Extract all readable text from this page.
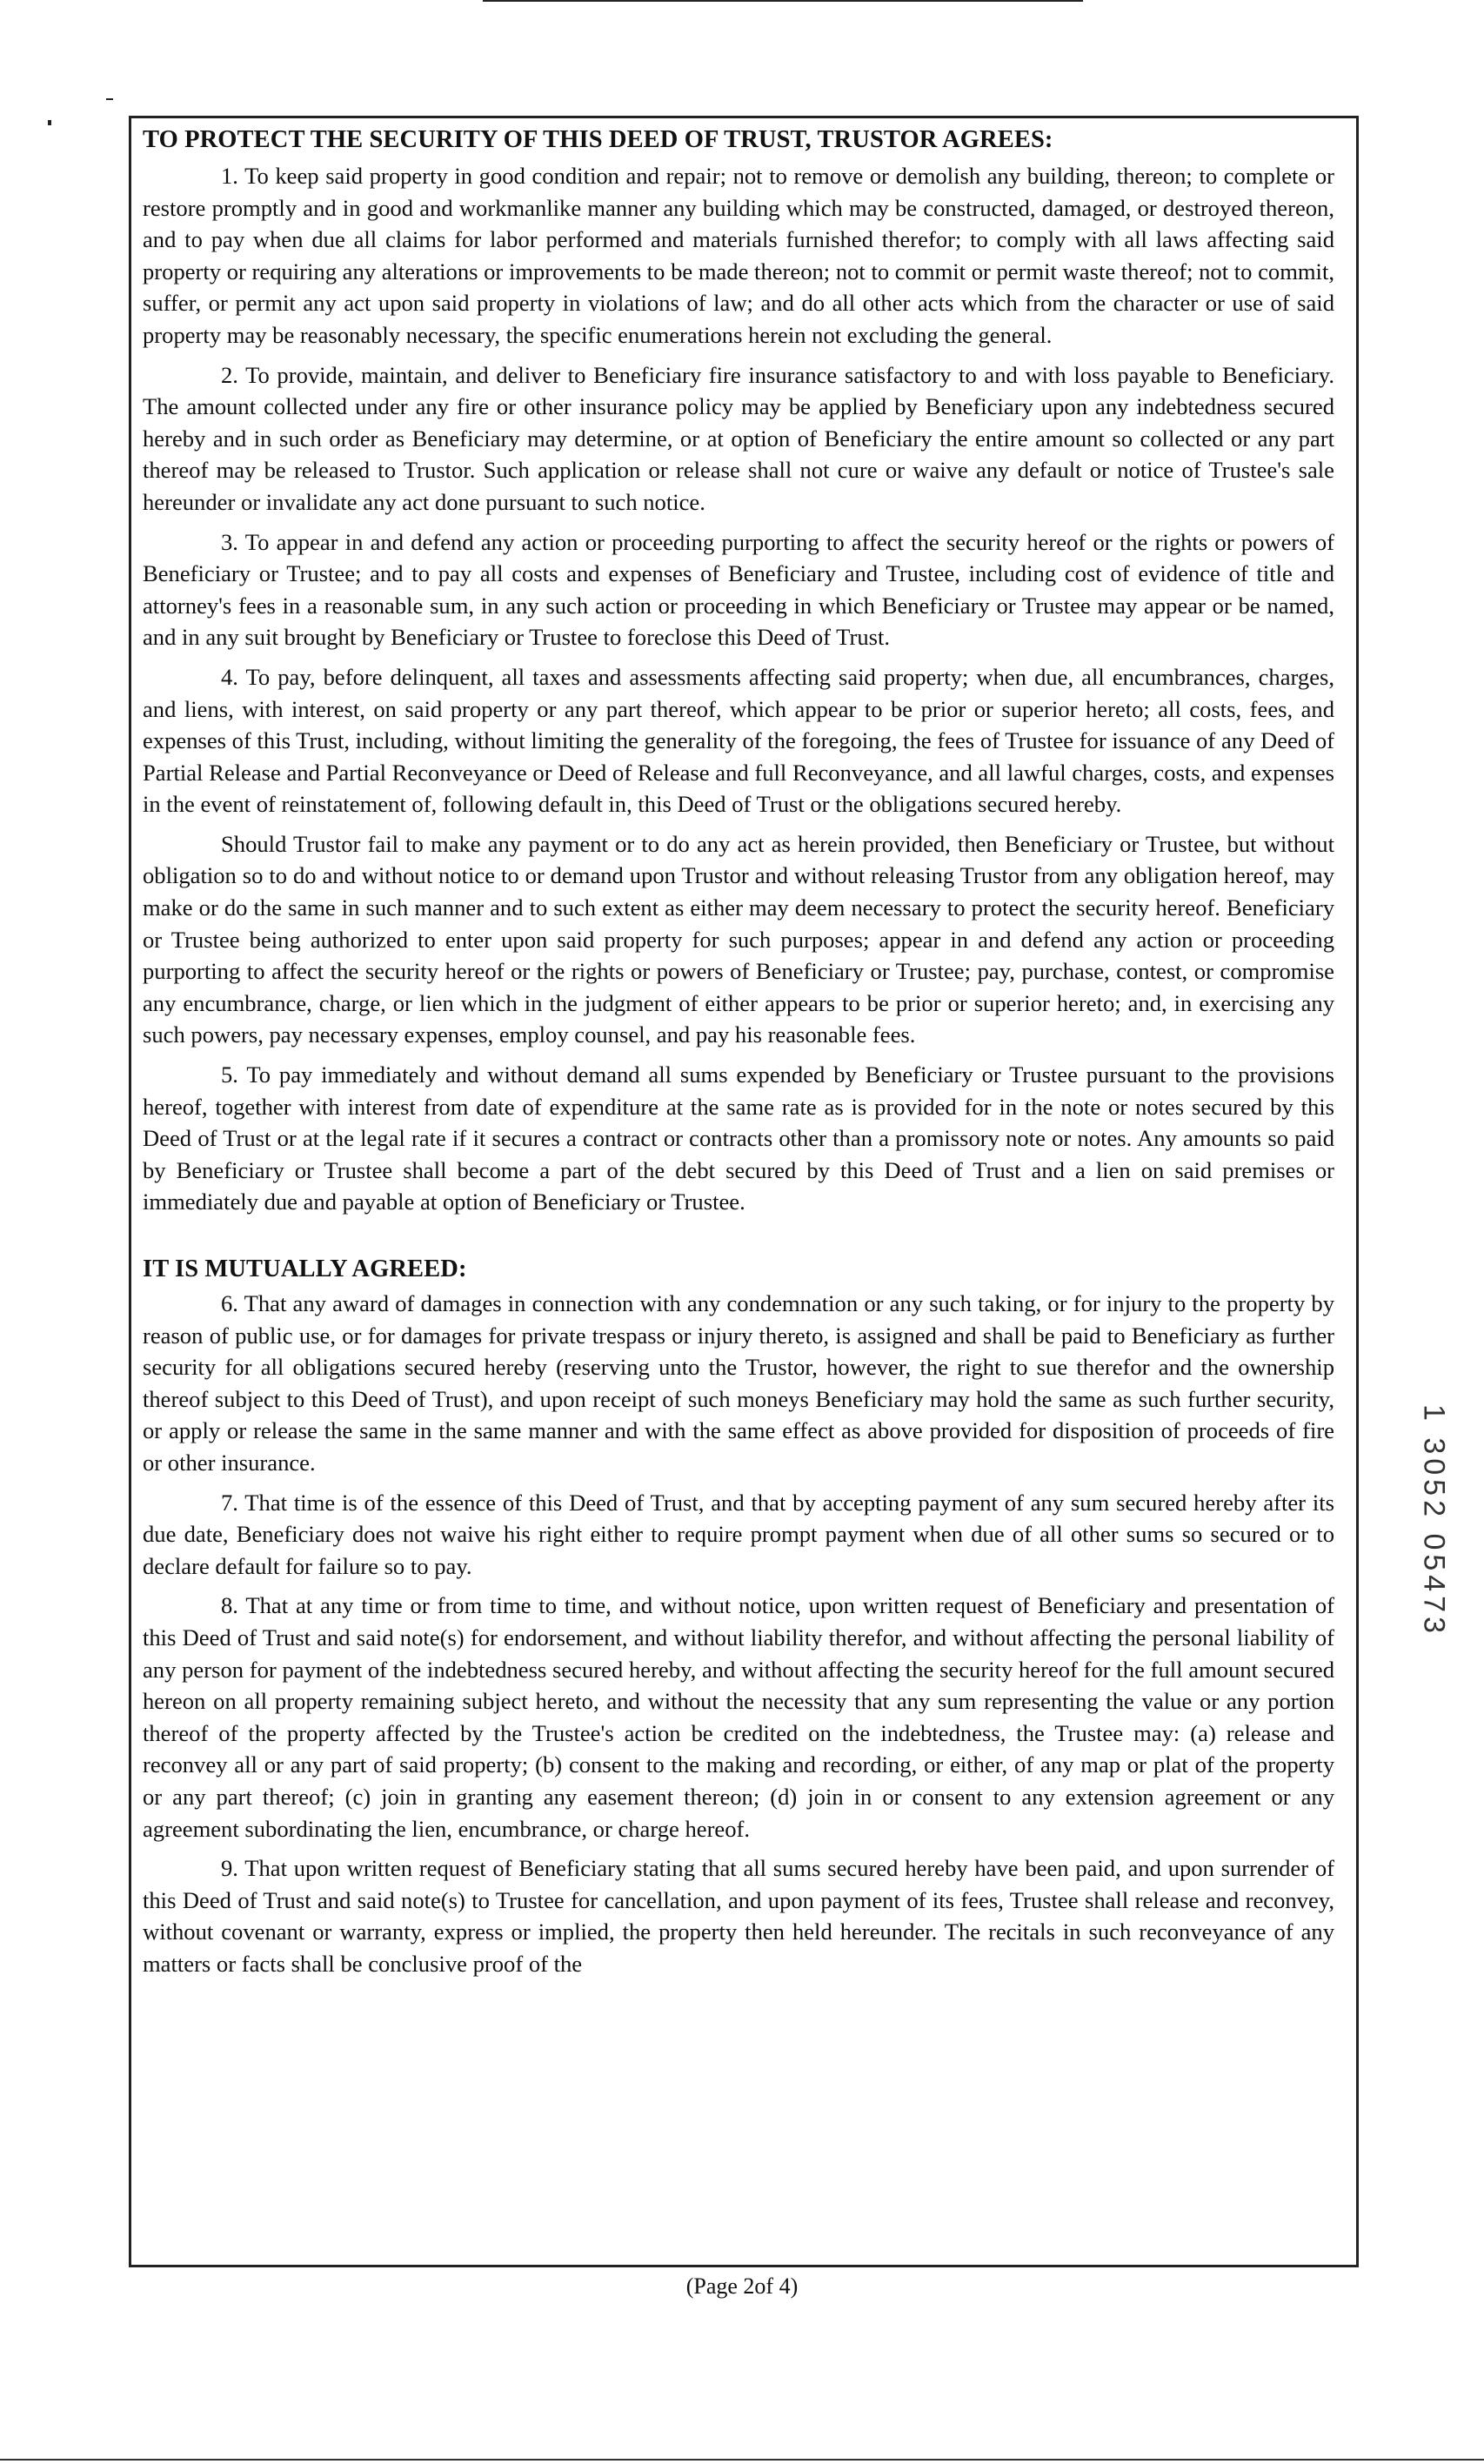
TO PROTECT THE SECURITY OF THIS DEED OF TRUST, TRUSTOR AGREES:

1. To keep said property in good condition and repair; not to remove or demolish any building, thereon; to complete or restore promptly and in good and workmanlike manner any building which may be constructed, damaged, or destroyed thereon, and to pay when due all claims for labor performed and materials furnished therefor; to comply with all laws affecting said property or requiring any alterations or improvements to be made thereon; not to commit or permit waste thereof; not to commit, suffer, or permit any act upon said property in violations of law; and do all other acts which from the character or use of said property may be reasonably necessary, the specific enumerations herein not excluding the general.

2. To provide, maintain, and deliver to Beneficiary fire insurance satisfactory to and with loss payable to Beneficiary. The amount collected under any fire or other insurance policy may be applied by Beneficiary upon any indebtedness secured hereby and in such order as Beneficiary may determine, or at option of Beneficiary the entire amount so collected or any part thereof may be released to Trustor. Such application or release shall not cure or waive any default or notice of Trustee's sale hereunder or invalidate any act done pursuant to such notice.

3. To appear in and defend any action or proceeding purporting to affect the security hereof or the rights or powers of Beneficiary or Trustee; and to pay all costs and expenses of Beneficiary and Trustee, including cost of evidence of title and attorney's fees in a reasonable sum, in any such action or proceeding in which Beneficiary or Trustee may appear or be named, and in any suit brought by Beneficiary or Trustee to foreclose this Deed of Trust.

4. To pay, before delinquent, all taxes and assessments affecting said property; when due, all encumbrances, charges, and liens, with interest, on said property or any part thereof, which appear to be prior or superior hereto; all costs, fees, and expenses of this Trust, including, without limiting the generality of the foregoing, the fees of Trustee for issuance of any Deed of Partial Release and Partial Reconveyance or Deed of Release and full Reconveyance, and all lawful charges, costs, and expenses in the event of reinstatement of, following default in, this Deed of Trust or the obligations secured hereby.

Should Trustor fail to make any payment or to do any act as herein provided, then Beneficiary or Trustee, but without obligation so to do and without notice to or demand upon Trustor and without releasing Trustor from any obligation hereof, may make or do the same in such manner and to such extent as either may deem necessary to protect the security hereof. Beneficiary or Trustee being authorized to enter upon said property for such purposes; appear in and defend any action or proceeding purporting to affect the security hereof or the rights or powers of Beneficiary or Trustee; pay, purchase, contest, or compromise any encumbrance, charge, or lien which in the judgment of either appears to be prior or superior hereto; and, in exercising any such powers, pay necessary expenses, employ counsel, and pay his reasonable fees.

5. To pay immediately and without demand all sums expended by Beneficiary or Trustee pursuant to the provisions hereof, together with interest from date of expenditure at the same rate as is provided for in the note or notes secured by this Deed of Trust or at the legal rate if it secures a contract or contracts other than a promissory note or notes. Any amounts so paid by Beneficiary or Trustee shall become a part of the debt secured by this Deed of Trust and a lien on said premises or immediately due and payable at option of Beneficiary or Trustee.

IT IS MUTUALLY AGREED:

6. That any award of damages in connection with any condemnation or any such taking, or for injury to the property by reason of public use, or for damages for private trespass or injury thereto, is assigned and shall be paid to Beneficiary as further security for all obligations secured hereby (reserving unto the Trustor, however, the right to sue therefor and the ownership thereof subject to this Deed of Trust), and upon receipt of such moneys Beneficiary may hold the same as such further security, or apply or release the same in the same manner and with the same effect as above provided for disposition of proceeds of fire or other insurance.

7. That time is of the essence of this Deed of Trust, and that by accepting payment of any sum secured hereby after its due date, Beneficiary does not waive his right either to require prompt payment when due of all other sums so secured or to declare default for failure so to pay.

8. That at any time or from time to time, and without notice, upon written request of Beneficiary and presentation of this Deed of Trust and said note(s) for endorsement, and without liability therefor, and without affecting the personal liability of any person for payment of the indebtedness secured hereby, and without affecting the security hereof for the full amount secured hereon on all property remaining subject hereto, and without the necessity that any sum representing the value or any portion thereof of the property affected by the Trustee's action be credited on the indebtedness, the Trustee may: (a) release and reconvey all or any part of said property; (b) consent to the making and recording, or either, of any map or plat of the property or any part thereof; (c) join in granting any easement thereon; (d) join in or consent to any extension agreement or any agreement subordinating the lien, encumbrance, or charge hereof.

9. That upon written request of Beneficiary stating that all sums secured hereby have been paid, and upon surrender of this Deed of Trust and said note(s) to Trustee for cancellation, and upon payment of its fees, Trustee shall release and reconvey, without covenant or warranty, express or implied, the property then held hereunder. The recitals in such reconveyance of any matters or facts shall be conclusive proof of the

1 3052 05473
(Page 2of 4)
